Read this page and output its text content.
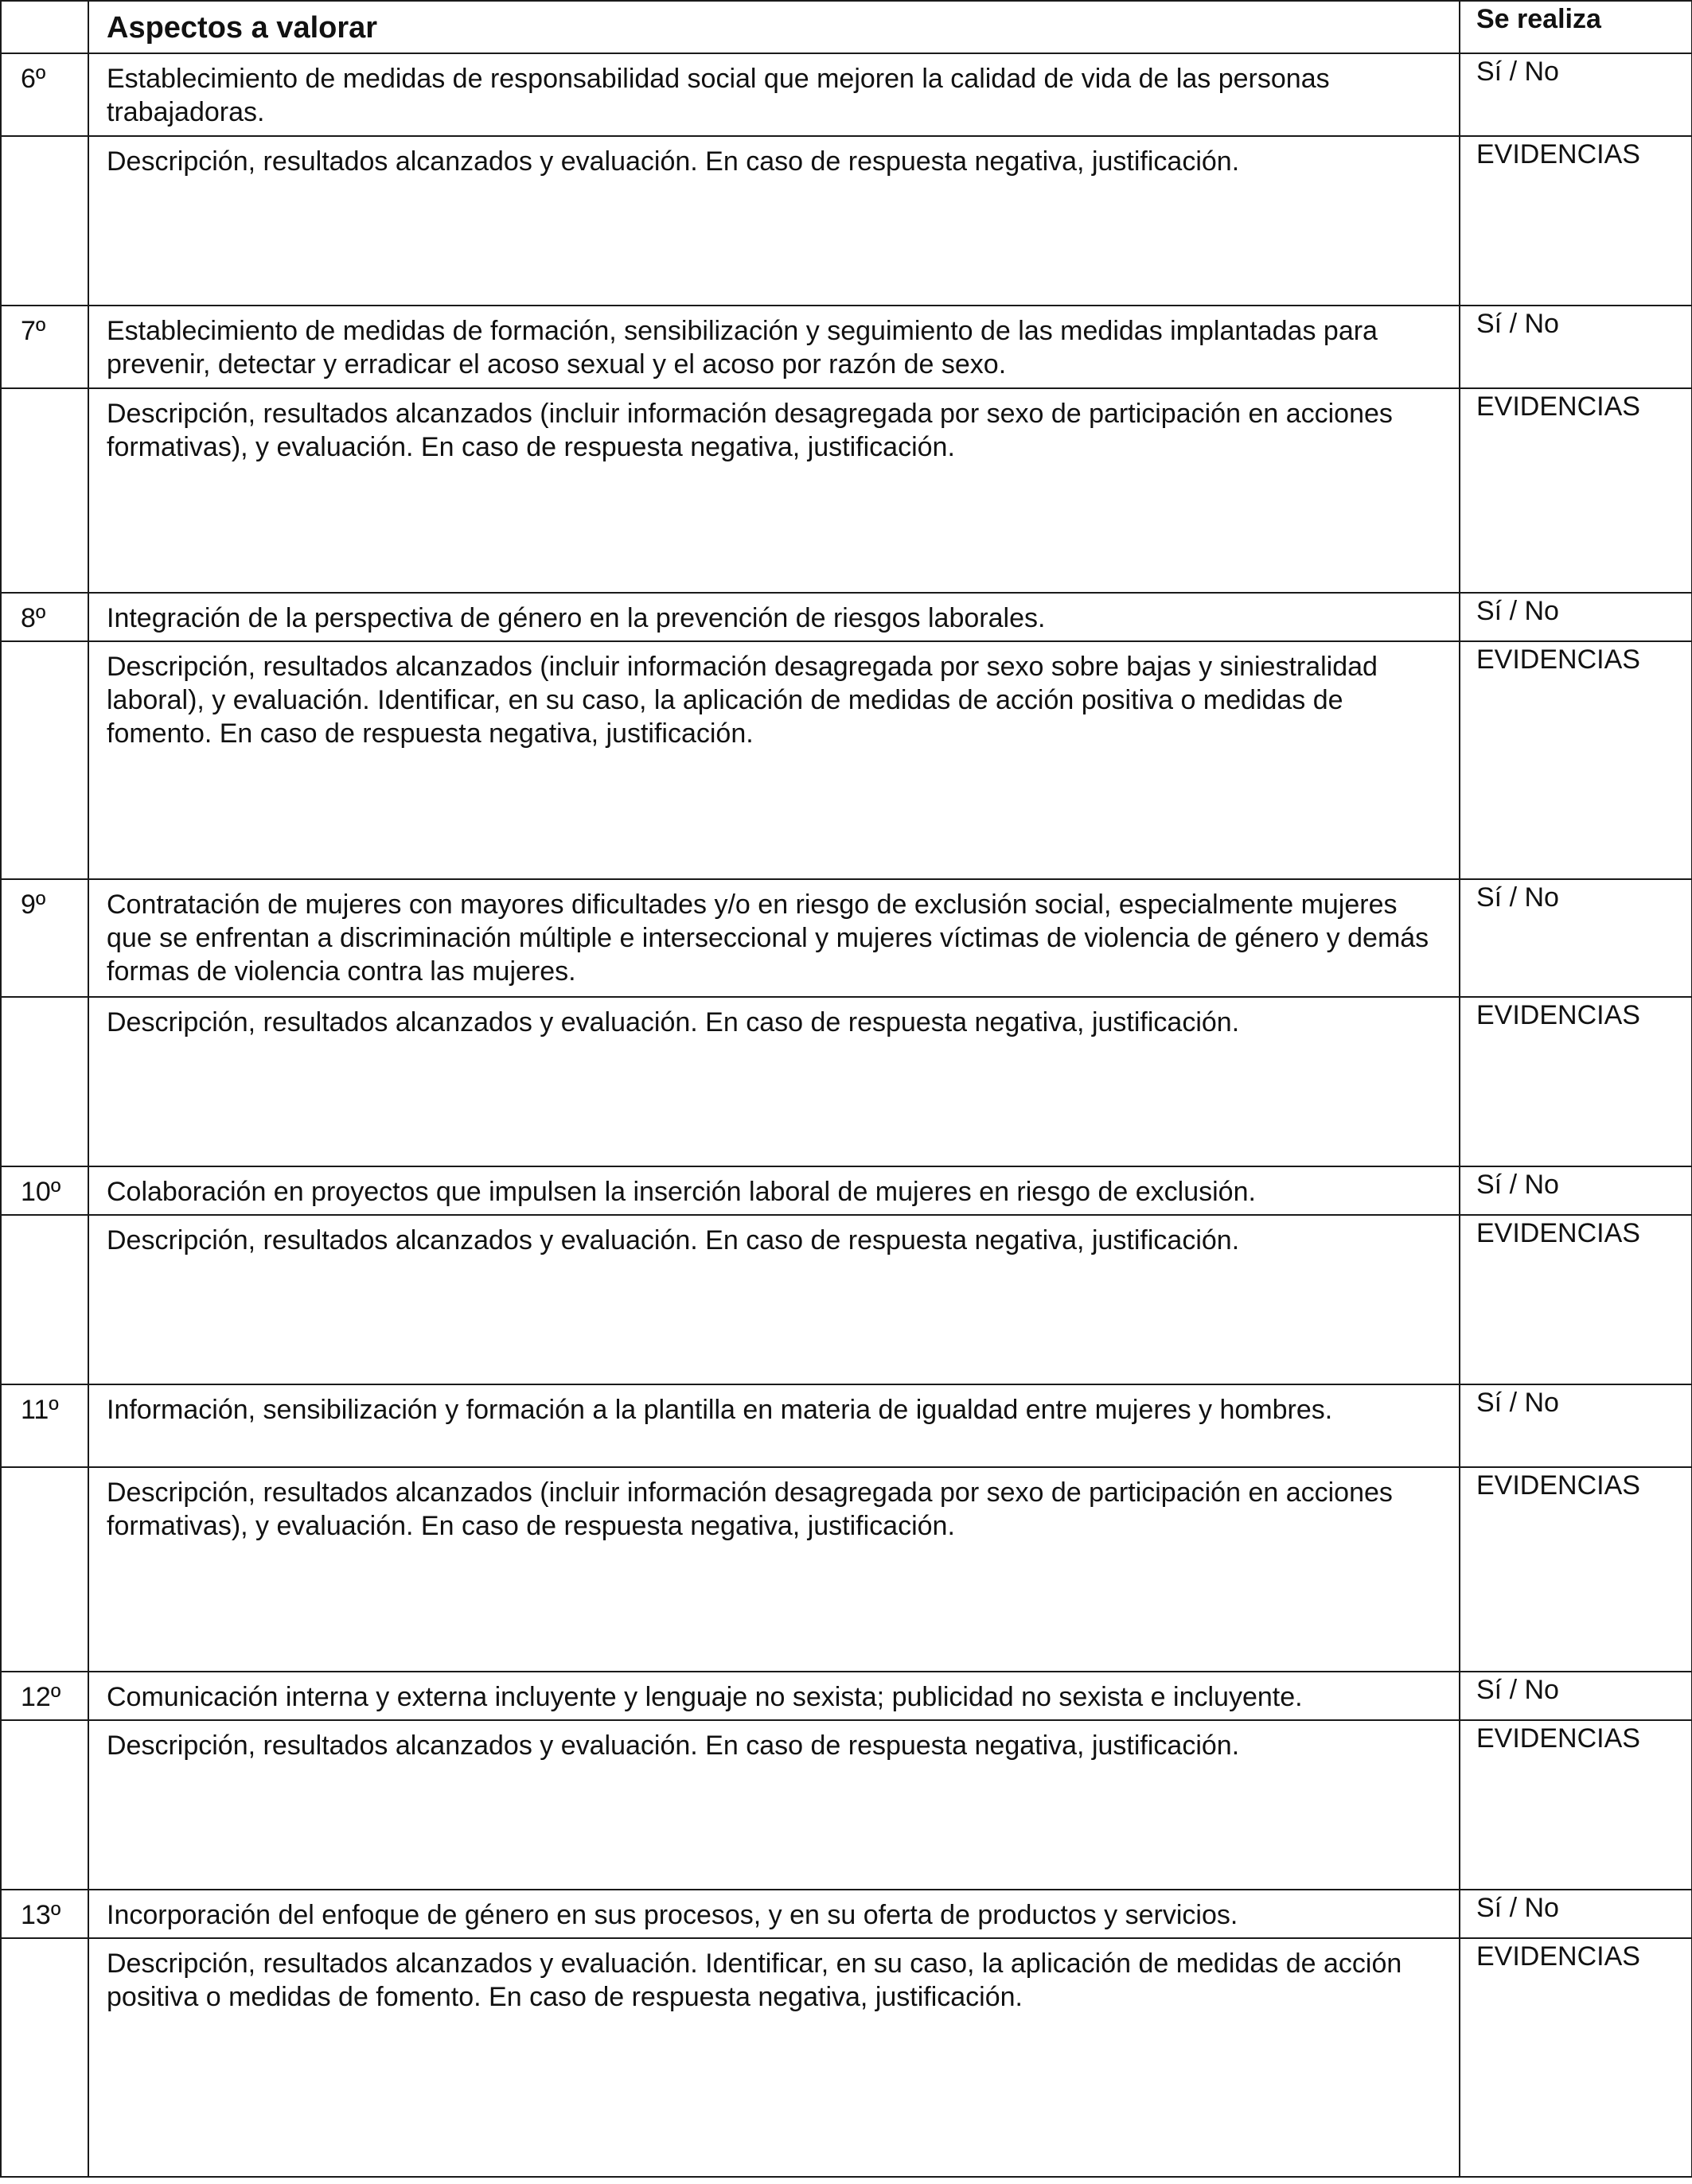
	Aspectos a valorar	Se realiza
6º	Establecimiento de medidas de responsabilidad social que mejoren la calidad de vida de las personas trabajadoras.	Sí / No
	Descripción, resultados alcanzados y evaluación. En caso de respuesta negativa, justificación.	EVIDENCIAS
7º	Establecimiento de medidas de formación, sensibilización y seguimiento de las medidas implantadas para prevenir, detectar y erradicar el acoso sexual y el acoso por razón de sexo.	Sí / No
	Descripción, resultados alcanzados (incluir información desagregada por sexo de participación en acciones formativas), y evaluación. En caso de respuesta negativa, justificación.	EVIDENCIAS
8º	Integración de la perspectiva de género en la prevención de riesgos laborales.	Sí / No
	Descripción, resultados alcanzados (incluir información desagregada por sexo sobre bajas y siniestralidad laboral), y evaluación. Identificar, en su caso, la aplicación de medidas de acción positiva o medidas de fomento. En caso de respuesta negativa, justificación.	EVIDENCIAS
9º	Contratación de mujeres con mayores dificultades y/o en riesgo de exclusión social, especialmente mujeres que se enfrentan a discriminación múltiple e interseccional y mujeres víctimas de violencia de género y demás formas de violencia contra las mujeres.	Sí / No
	Descripción, resultados alcanzados y evaluación. En caso de respuesta negativa, justificación.	EVIDENCIAS
10º	Colaboración en proyectos que impulsen la inserción laboral de mujeres en riesgo de exclusión.	Sí / No
	Descripción, resultados alcanzados y evaluación. En caso de respuesta negativa, justificación.	EVIDENCIAS
11º	Información, sensibilización y formación a la plantilla en materia de igualdad entre mujeres y hombres.	Sí / No
	Descripción, resultados alcanzados (incluir información desagregada por sexo de participación en acciones formativas), y evaluación. En caso de respuesta negativa, justificación.	EVIDENCIAS
12º	Comunicación interna y externa incluyente y lenguaje no sexista; publicidad no sexista e incluyente.	Sí / No
	Descripción, resultados alcanzados y evaluación. En caso de respuesta negativa, justificación.	EVIDENCIAS
13º	Incorporación del enfoque de género en sus procesos, y en su oferta de productos y servicios.	Sí / No
	Descripción, resultados alcanzados y evaluación. Identificar, en su caso, la aplicación de medidas de acción positiva o medidas de fomento. En caso de respuesta negativa, justificación.	EVIDENCIAS
